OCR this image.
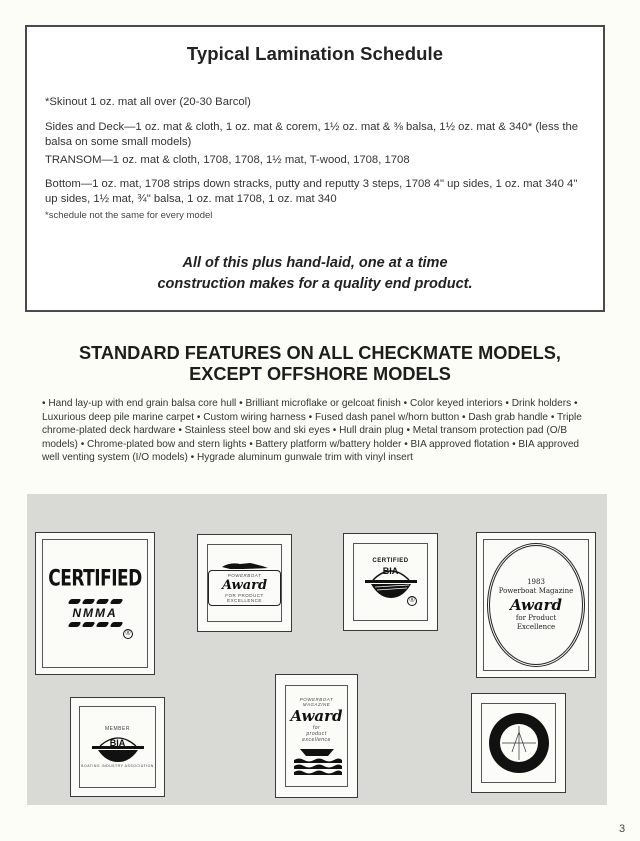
Typical Lamination Schedule
*Skinout 1 oz. mat all over (20-30 Barcol)
Sides and Deck—1 oz. mat & cloth, 1 oz. mat & corem, 1½ oz. mat & ⅜ balsa, 1½ oz. mat & 340* (less the balsa on some small models)
TRANSOM—1 oz. mat & cloth, 1708, 1708, 1½ mat, T-wood, 1708, 1708
Bottom—1 oz. mat, 1708 strips down stracks, putty and reputty 3 steps, 1708 4" up sides, 1 oz. mat 340 4" up sides, 1½ mat, ¾" balsa, 1 oz. mat 1708, 1 oz. mat 340
*schedule not the same for every model
All of this plus hand-laid, one at a time
construction makes for a quality end product.
STANDARD FEATURES ON ALL CHECKMATE MODELS,
EXCEPT OFFSHORE MODELS
• Hand lay-up with end grain balsa core hull • Brilliant microflake or gelcoat finish • Color keyed interiors • Drink holders • Luxurious deep pile marine carpet • Custom wiring harness • Fused dash panel w/horn button • Dash grab handle • Triple chrome-plated deck hardware • Stainless steel bow and ski eyes • Hull drain plug • Metal transom protection pad (O/B models) • Chrome-plated bow and stern lights • Battery platform w/battery holder • BIA approved flotation • BIA approved well venting system (I/O models) • Hygrade aluminum gunwale trim with vinyl insert
CERTIFIED
NMMA
®
POWERBOAT
Award
FOR PRODUCT EXCELLENCE
CERTIFIED
BIA
®
1983
Powerboat Magazine
Award
for Product
Excellence
MEMBER
BIA
BOATING INDUSTRY ASSOCIATION
POWERBOAT MAGAZINE
Award
for
product
excellence
3
